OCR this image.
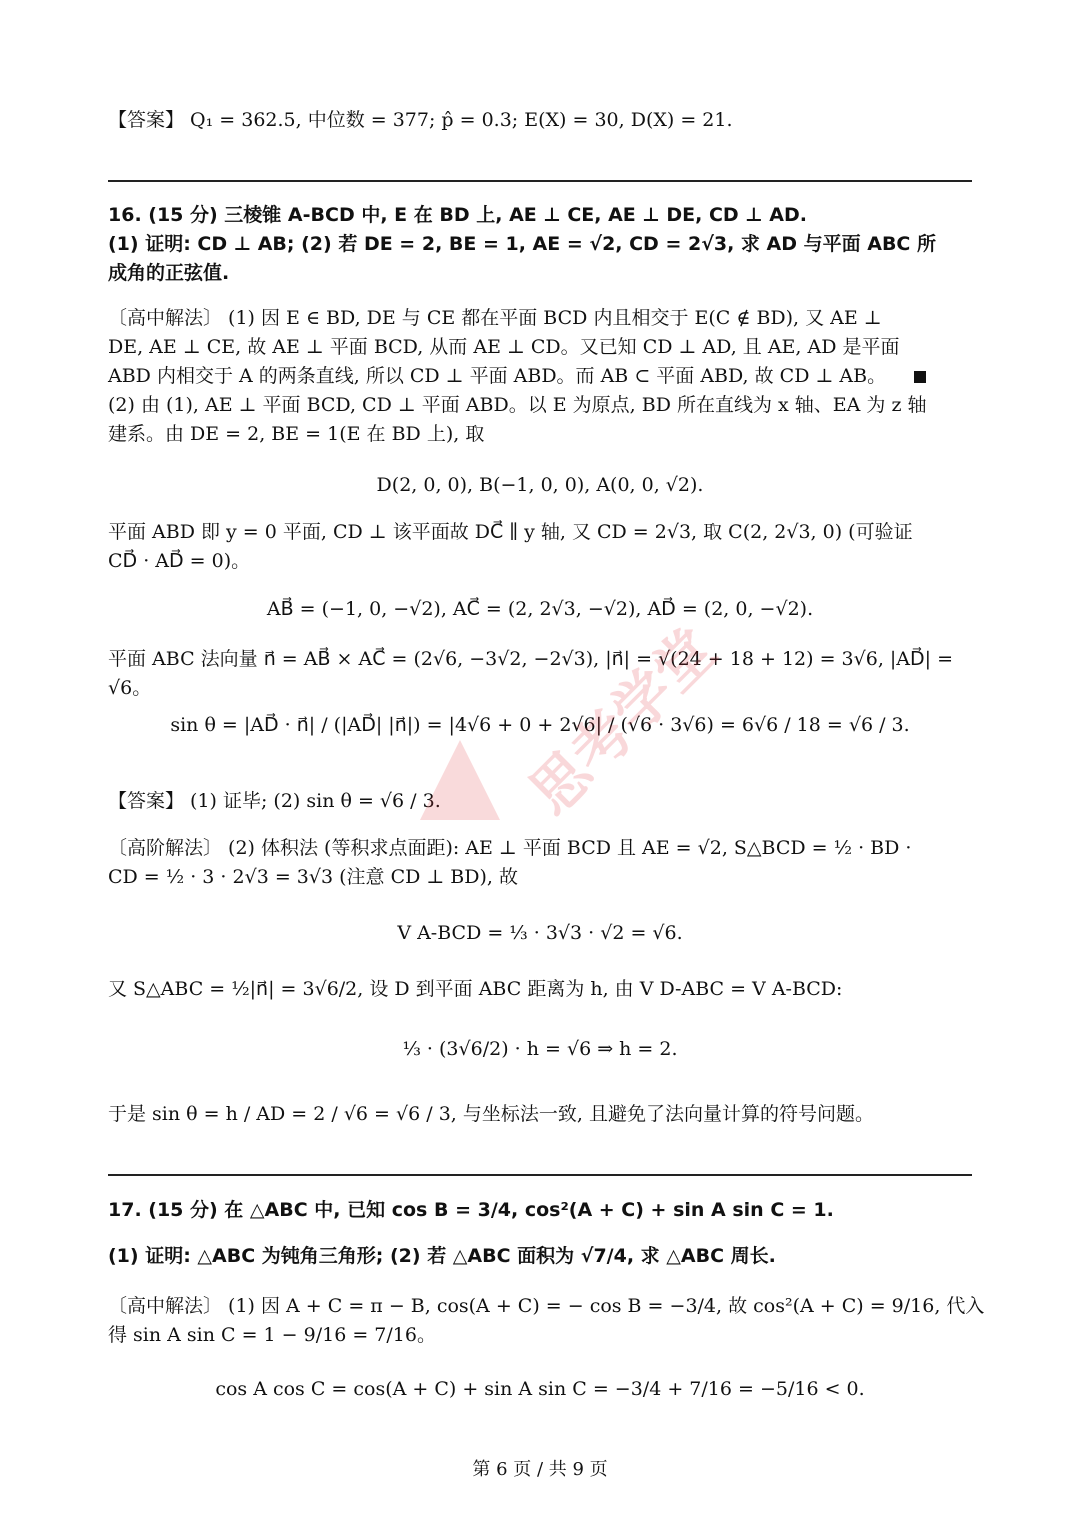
【答案】 Q₁ = 362.5, 中位数 = 377; p̂ = 0.3; E(X) = 30, D(X) = 21.
16. (15 分) 三棱锥 A-BCD 中, E 在 BD 上, AE ⊥ CE, AE ⊥ DE, CD ⊥ AD.
(1) 证明: CD ⊥ AB; (2) 若 DE = 2, BE = 1, AE = √2, CD = 2√3, 求 AD 与平面 ABC 所
成角的正弦值.
〔高中解法〕 (1) 因 E ∈ BD, DE 与 CE 都在平面 BCD 内且相交于 E(C ∉ BD), 又 AE ⊥
DE, AE ⊥ CE, 故 AE ⊥ 平面 BCD, 从而 AE ⊥ CD。又已知 CD ⊥ AD, 且 AE, AD 是平面
ABD 内相交于 A 的两条直线, 所以 CD ⊥ 平面 ABD。而 AB ⊂ 平面 ABD, 故 CD ⊥ AB。
(2) 由 (1), AE ⊥ 平面 BCD, CD ⊥ 平面 ABD。以 E 为原点, BD 所在直线为 x 轴、EA 为 z 轴
建系。由 DE = 2, BE = 1(E 在 BD 上), 取
D(2, 0, 0), B(−1, 0, 0), A(0, 0, √2).
平面 ABD 即 y = 0 平面, CD ⊥ 该平面故 DC⃗ ∥ y 轴, 又 CD = 2√3, 取 C(2, 2√3, 0) (可验证
CD⃗ · AD⃗ = 0)。
AB⃗ = (−1, 0, −√2), AC⃗ = (2, 2√3, −√2), AD⃗ = (2, 0, −√2).
平面 ABC 法向量 n⃗ = AB⃗ × AC⃗ = (2√6, −3√2, −2√3), |n⃗| = √(24 + 18 + 12) = 3√6, |AD⃗| =
√6。
sin θ = |AD⃗ · n⃗| / (|AD⃗| |n⃗|) = |4√6 + 0 + 2√6| / (√6 · 3√6) = 6√6 / 18 = √6 / 3.
【答案】 (1) 证毕; (2) sin θ = √6 / 3.
〔高阶解法〕 (2) 体积法 (等积求点面距): AE ⊥ 平面 BCD 且 AE = √2, S△BCD = ½ · BD ·
CD = ½ · 3 · 2√3 = 3√3 (注意 CD ⊥ BD), 故
V A-BCD = ⅓ · 3√3 · √2 = √6.
又 S△ABC = ½|n⃗| = 3√6/2, 设 D 到平面 ABC 距离为 h, 由 V D-ABC = V A-BCD:
⅓ · (3√6/2) · h = √6 ⇒ h = 2.
于是 sin θ = h / AD = 2 / √6 = √6 / 3, 与坐标法一致, 且避免了法向量计算的符号问题。
17. (15 分) 在 △ABC 中, 已知 cos B = 3/4, cos²(A + C) + sin A sin C = 1.
(1) 证明: △ABC 为钝角三角形; (2) 若 △ABC 面积为 √7/4, 求 △ABC 周长.
〔高中解法〕 (1) 因 A + C = π − B, cos(A + C) = − cos B = −3/4, 故 cos²(A + C) = 9/16, 代入
得 sin A sin C = 1 − 9/16 = 7/16。
cos A cos C = cos(A + C) + sin A sin C = −3/4 + 7/16 = −5/16 < 0.
思考学堂
第 6 页 / 共 9 页
